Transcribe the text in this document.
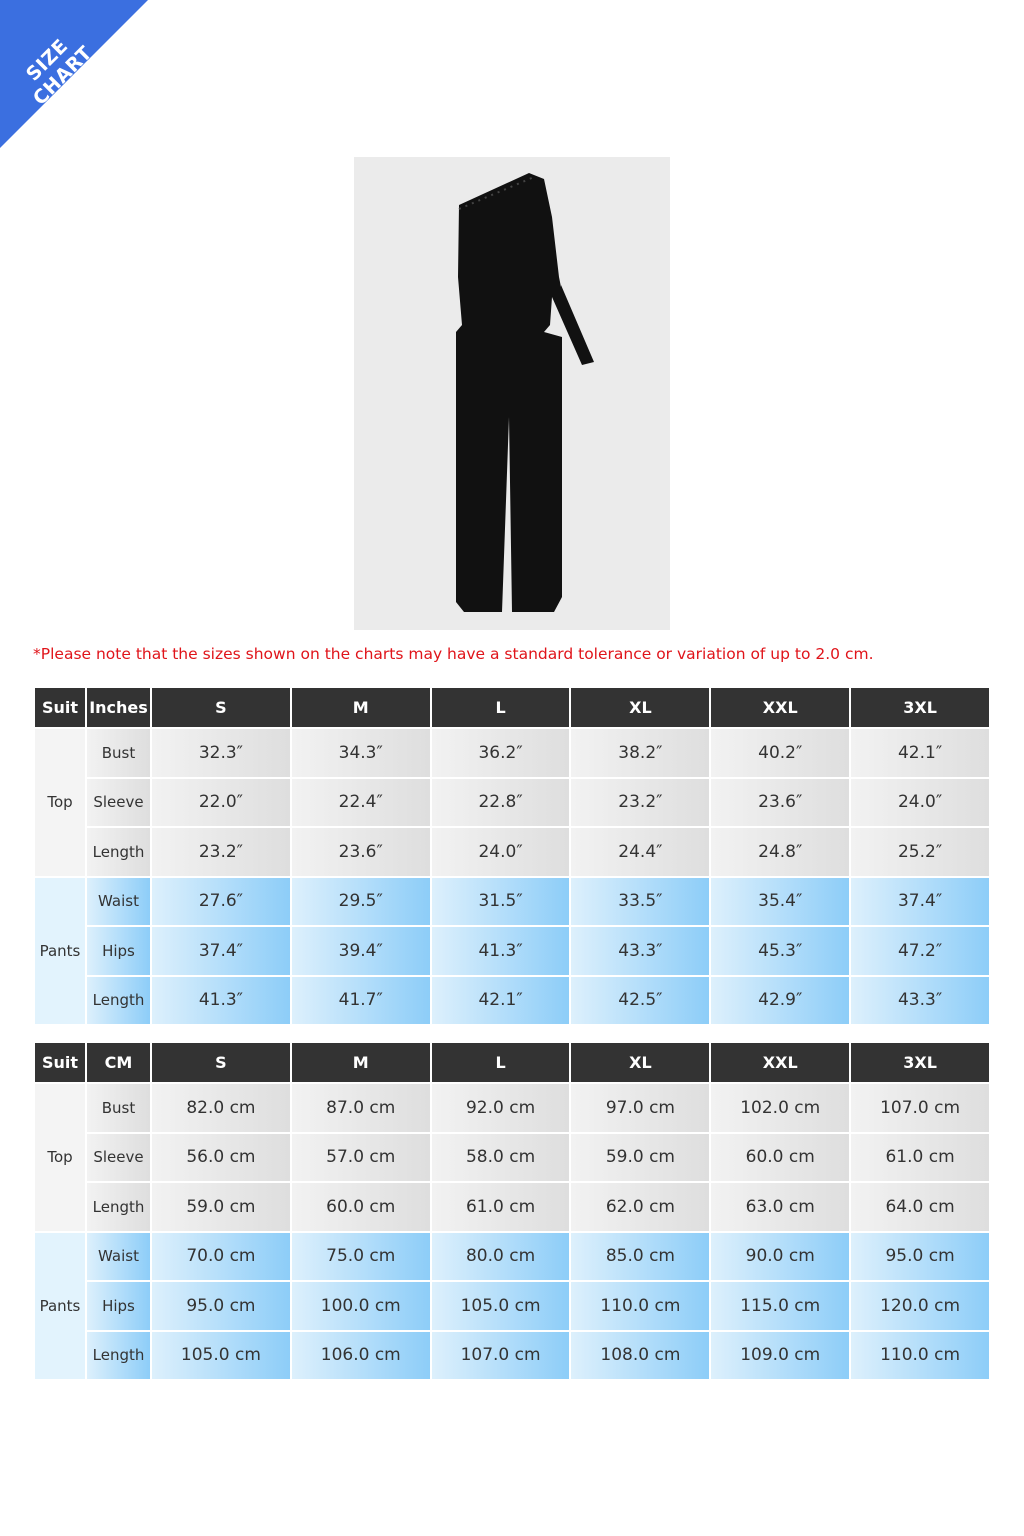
SIZE CHART
*Please note that the sizes shown on the charts may have a standard tolerance or variation of up to 2.0 cm.
Suit	Inches	S	M	L	XL	XXL	3XL
Top	Bust	32.3″	34.3″	36.2″	38.2″	40.2″	42.1″
	Sleeve	22.0″	22.4″	22.8″	23.2″	23.6″	24.0″
	Length	23.2″	23.6″	24.0″	24.4″	24.8″	25.2″
Pants	Waist	27.6″	29.5″	31.5″	33.5″	35.4″	37.4″
	Hips	37.4″	39.4″	41.3″	43.3″	45.3″	47.2″
	Length	41.3″	41.7″	42.1″	42.5″	42.9″	43.3″
Suit	CM	S	M	L	XL	XXL	3XL
Top	Bust	82.0 cm	87.0 cm	92.0 cm	97.0 cm	102.0 cm	107.0 cm
	Sleeve	56.0 cm	57.0 cm	58.0 cm	59.0 cm	60.0 cm	61.0 cm
	Length	59.0 cm	60.0 cm	61.0 cm	62.0 cm	63.0 cm	64.0 cm
Pants	Waist	70.0 cm	75.0 cm	80.0 cm	85.0 cm	90.0 cm	95.0 cm
	Hips	95.0 cm	100.0 cm	105.0 cm	110.0 cm	115.0 cm	120.0 cm
	Length	105.0 cm	106.0 cm	107.0 cm	108.0 cm	109.0 cm	110.0 cm
